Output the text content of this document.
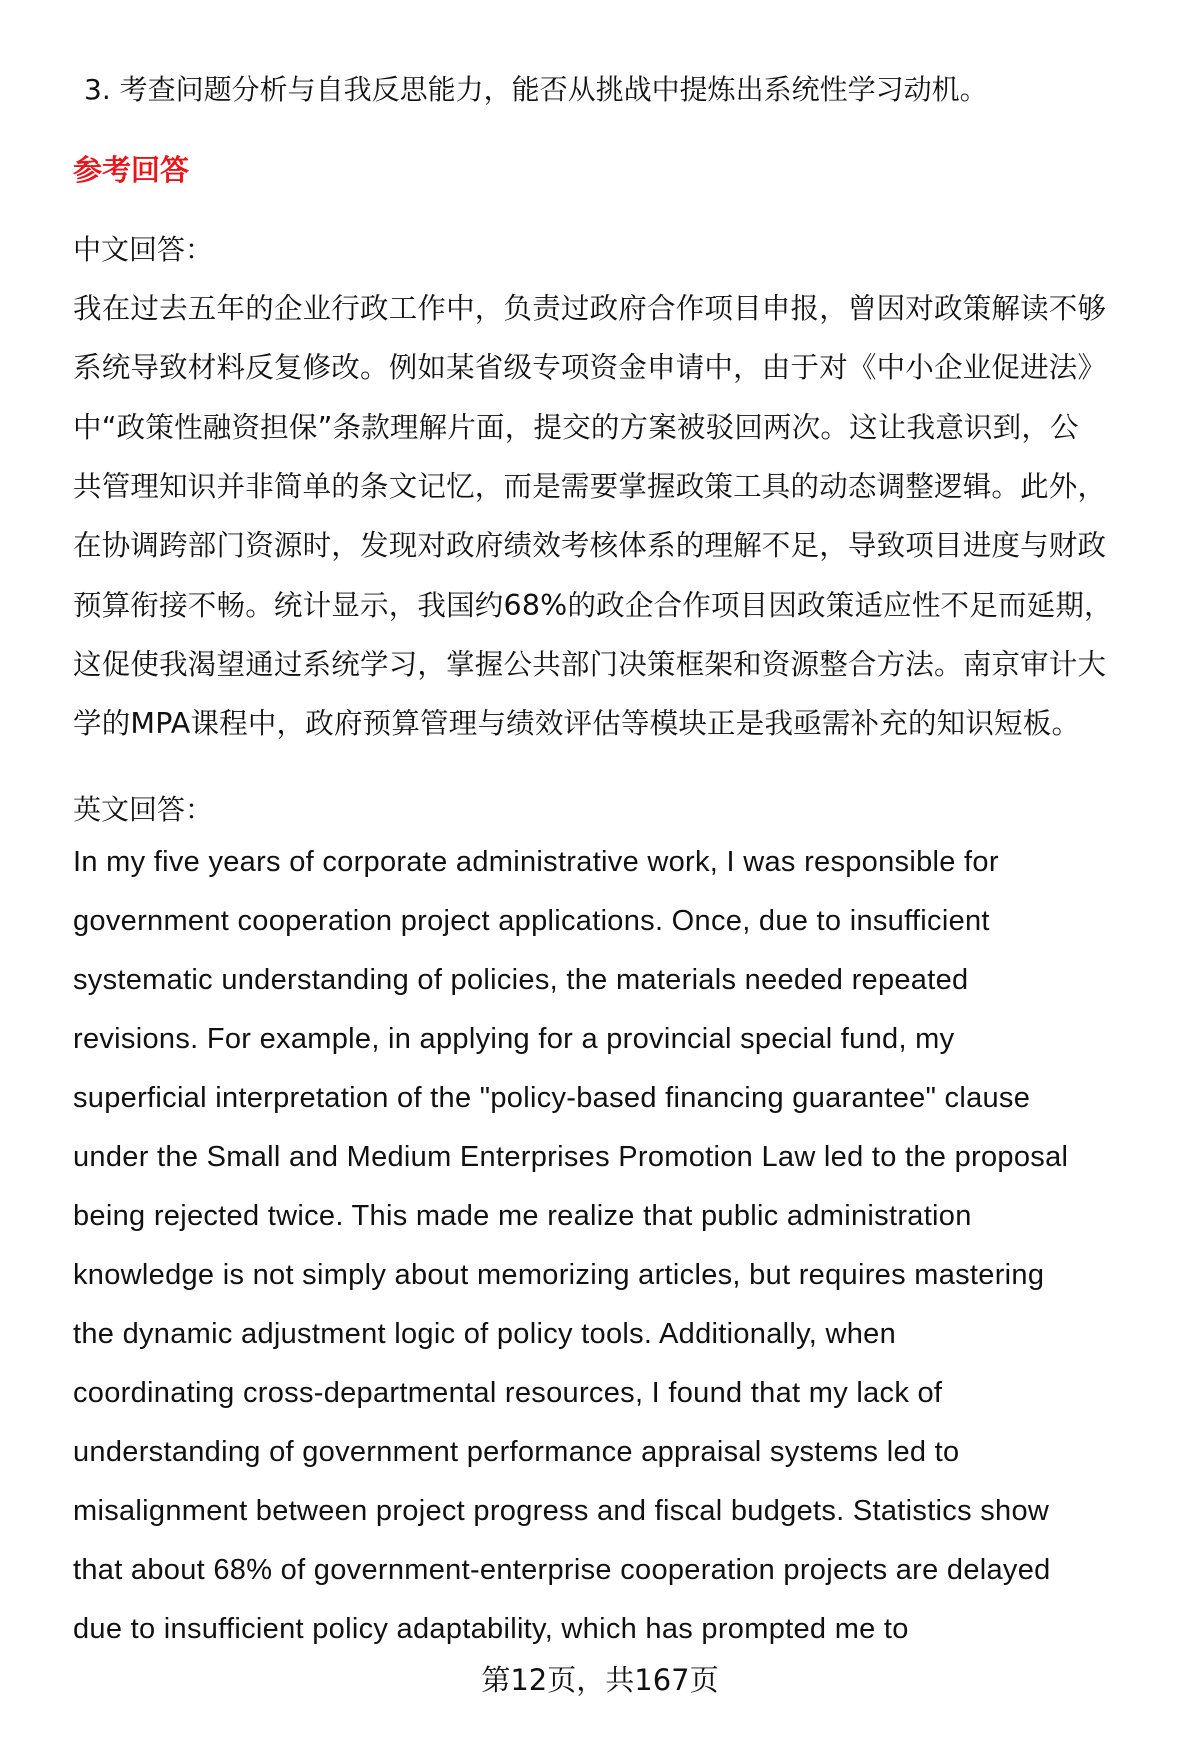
3. 考查问题分析与自我反思能力，能否从挑战中提炼出系统性学习动机。
参考回答
中文回答：
我在过去五年的企业行政工作中，负责过政府合作项目申报，曾因对政策解读不够
系统导致材料反复修改。例如某省级专项资金申请中，由于对《中小企业促进法》
中“政策性融资担保”条款理解片面，提交的方案被驳回两次。这让我意识到，公
共管理知识并非简单的条文记忆，而是需要掌握政策工具的动态调整逻辑。此外，
在协调跨部门资源时，发现对政府绩效考核体系的理解不足，导致项目进度与财政
预算衔接不畅。统计显示，我国约68%的政企合作项目因政策适应性不足而延期，
这促使我渴望通过系统学习，掌握公共部门决策框架和资源整合方法。南京审计大
学的MPA课程中，政府预算管理与绩效评估等模块正是我亟需补充的知识短板。
英文回答：
In my five years of corporate administrative work, I was responsible for
government cooperation project applications. Once, due to insufficient
systematic understanding of policies, the materials needed repeated
revisions. For example, in applying for a provincial special fund, my
superficial interpretation of the "policy-based financing guarantee" clause
under the Small and Medium Enterprises Promotion Law led to the proposal
being rejected twice. This made me realize that public administration
knowledge is not simply about memorizing articles, but requires mastering
the dynamic adjustment logic of policy tools. Additionally, when
coordinating cross-departmental resources, I found that my lack of
understanding of government performance appraisal systems led to
misalignment between project progress and fiscal budgets. Statistics show
that about 68% of government-enterprise cooperation projects are delayed
due to insufficient policy adaptability, which has prompted me to
第12页，共167页
